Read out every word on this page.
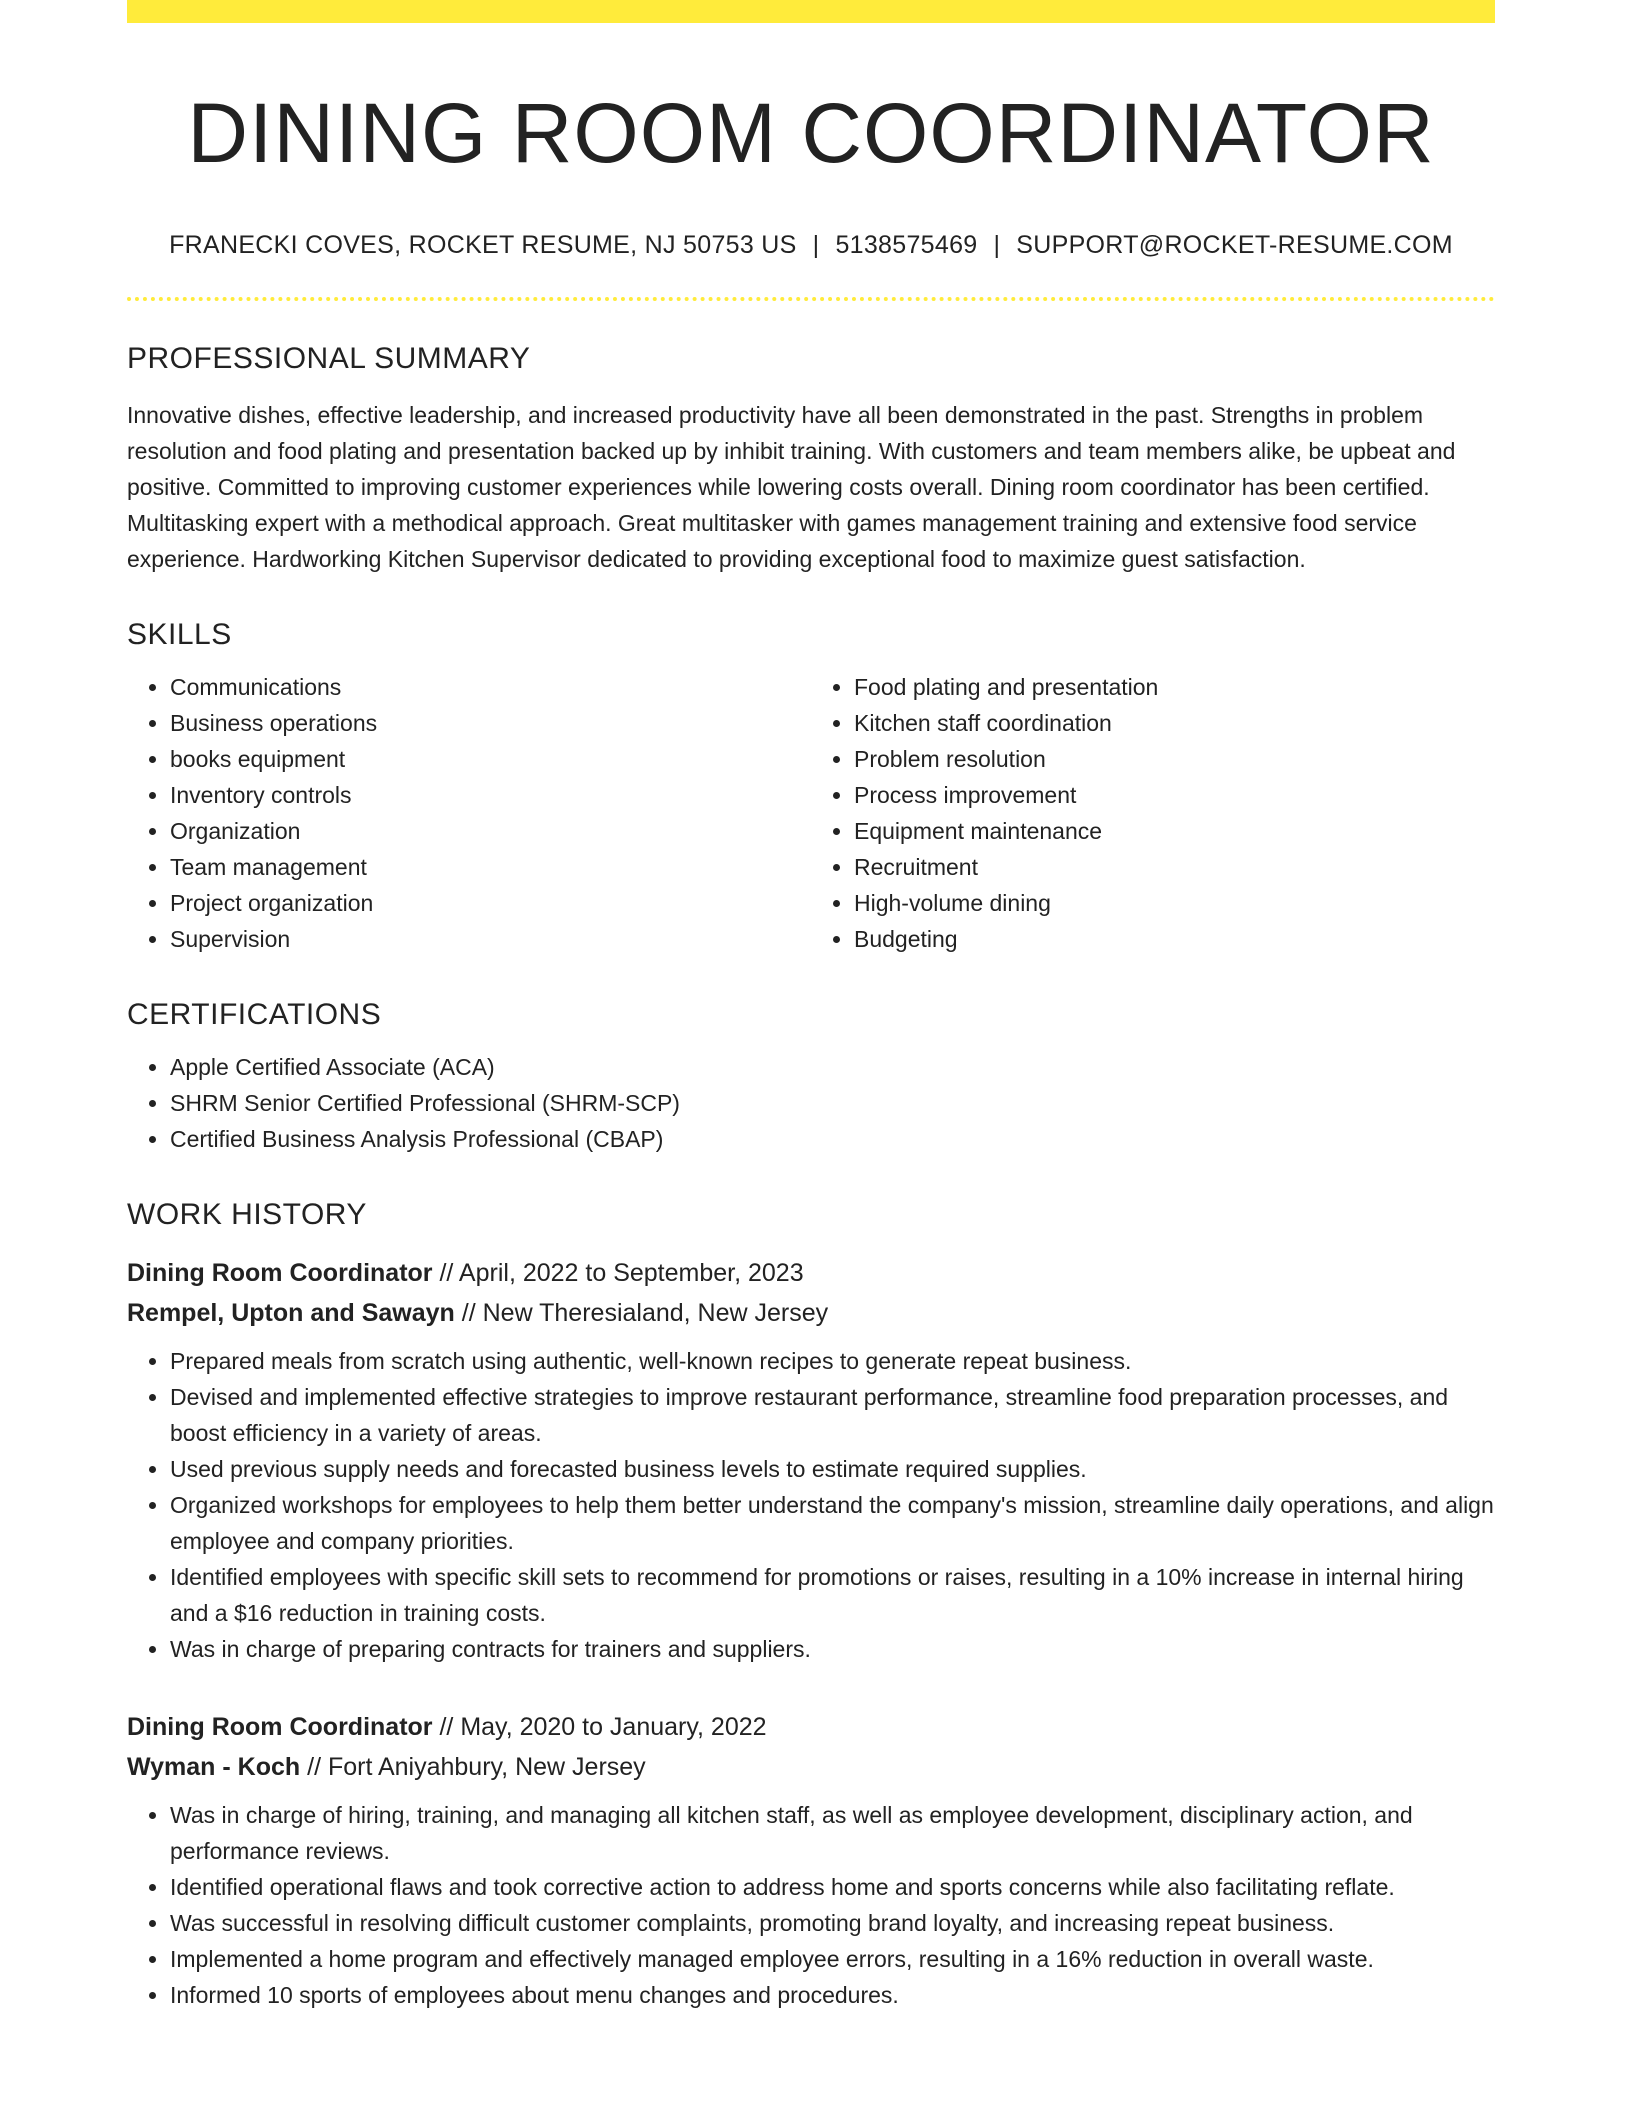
DINING ROOM COORDINATOR
FRANECKI COVES, ROCKET RESUME, NJ 50753 US | 5138575469 | SUPPORT@ROCKET-RESUME.COM
PROFESSIONAL SUMMARY
Innovative dishes, effective leadership, and increased productivity have all been demonstrated in the past. Strengths in problem resolution and food plating and presentation backed up by inhibit training. With customers and team members alike, be upbeat and positive. Committed to improving customer experiences while lowering costs overall. Dining room coordinator has been certified. Multitasking expert with a methodical approach. Great multitasker with games management training and extensive food service experience. Hardworking Kitchen Supervisor dedicated to providing exceptional food to maximize guest satisfaction.
SKILLS
• Communications
• Business operations
• books equipment
• Inventory controls
• Organization
• Team management
• Project organization
• Supervision
• Food plating and presentation
• Kitchen staff coordination
• Problem resolution
• Process improvement
• Equipment maintenance
• Recruitment
• High-volume dining
• Budgeting
CERTIFICATIONS
• Apple Certified Associate (ACA)
• SHRM Senior Certified Professional (SHRM-SCP)
• Certified Business Analysis Professional (CBAP)
WORK HISTORY
Dining Room Coordinator // April, 2022 to September, 2023
Rempel, Upton and Sawayn // New Theresialand, New Jersey
• Prepared meals from scratch using authentic, well-known recipes to generate repeat business.
• Devised and implemented effective strategies to improve restaurant performance, streamline food preparation processes, and boost efficiency in a variety of areas.
• Used previous supply needs and forecasted business levels to estimate required supplies.
• Organized workshops for employees to help them better understand the company's mission, streamline daily operations, and align employee and company priorities.
• Identified employees with specific skill sets to recommend for promotions or raises, resulting in a 10% increase in internal hiring and a $16 reduction in training costs.
• Was in charge of preparing contracts for trainers and suppliers.
Dining Room Coordinator // May, 2020 to January, 2022
Wyman - Koch // Fort Aniyahbury, New Jersey
• Was in charge of hiring, training, and managing all kitchen staff, as well as employee development, disciplinary action, and performance reviews.
• Identified operational flaws and took corrective action to address home and sports concerns while also facilitating reflate.
• Was successful in resolving difficult customer complaints, promoting brand loyalty, and increasing repeat business.
• Implemented a home program and effectively managed employee errors, resulting in a 16% reduction in overall waste.
• Informed 10 sports of employees about menu changes and procedures.
